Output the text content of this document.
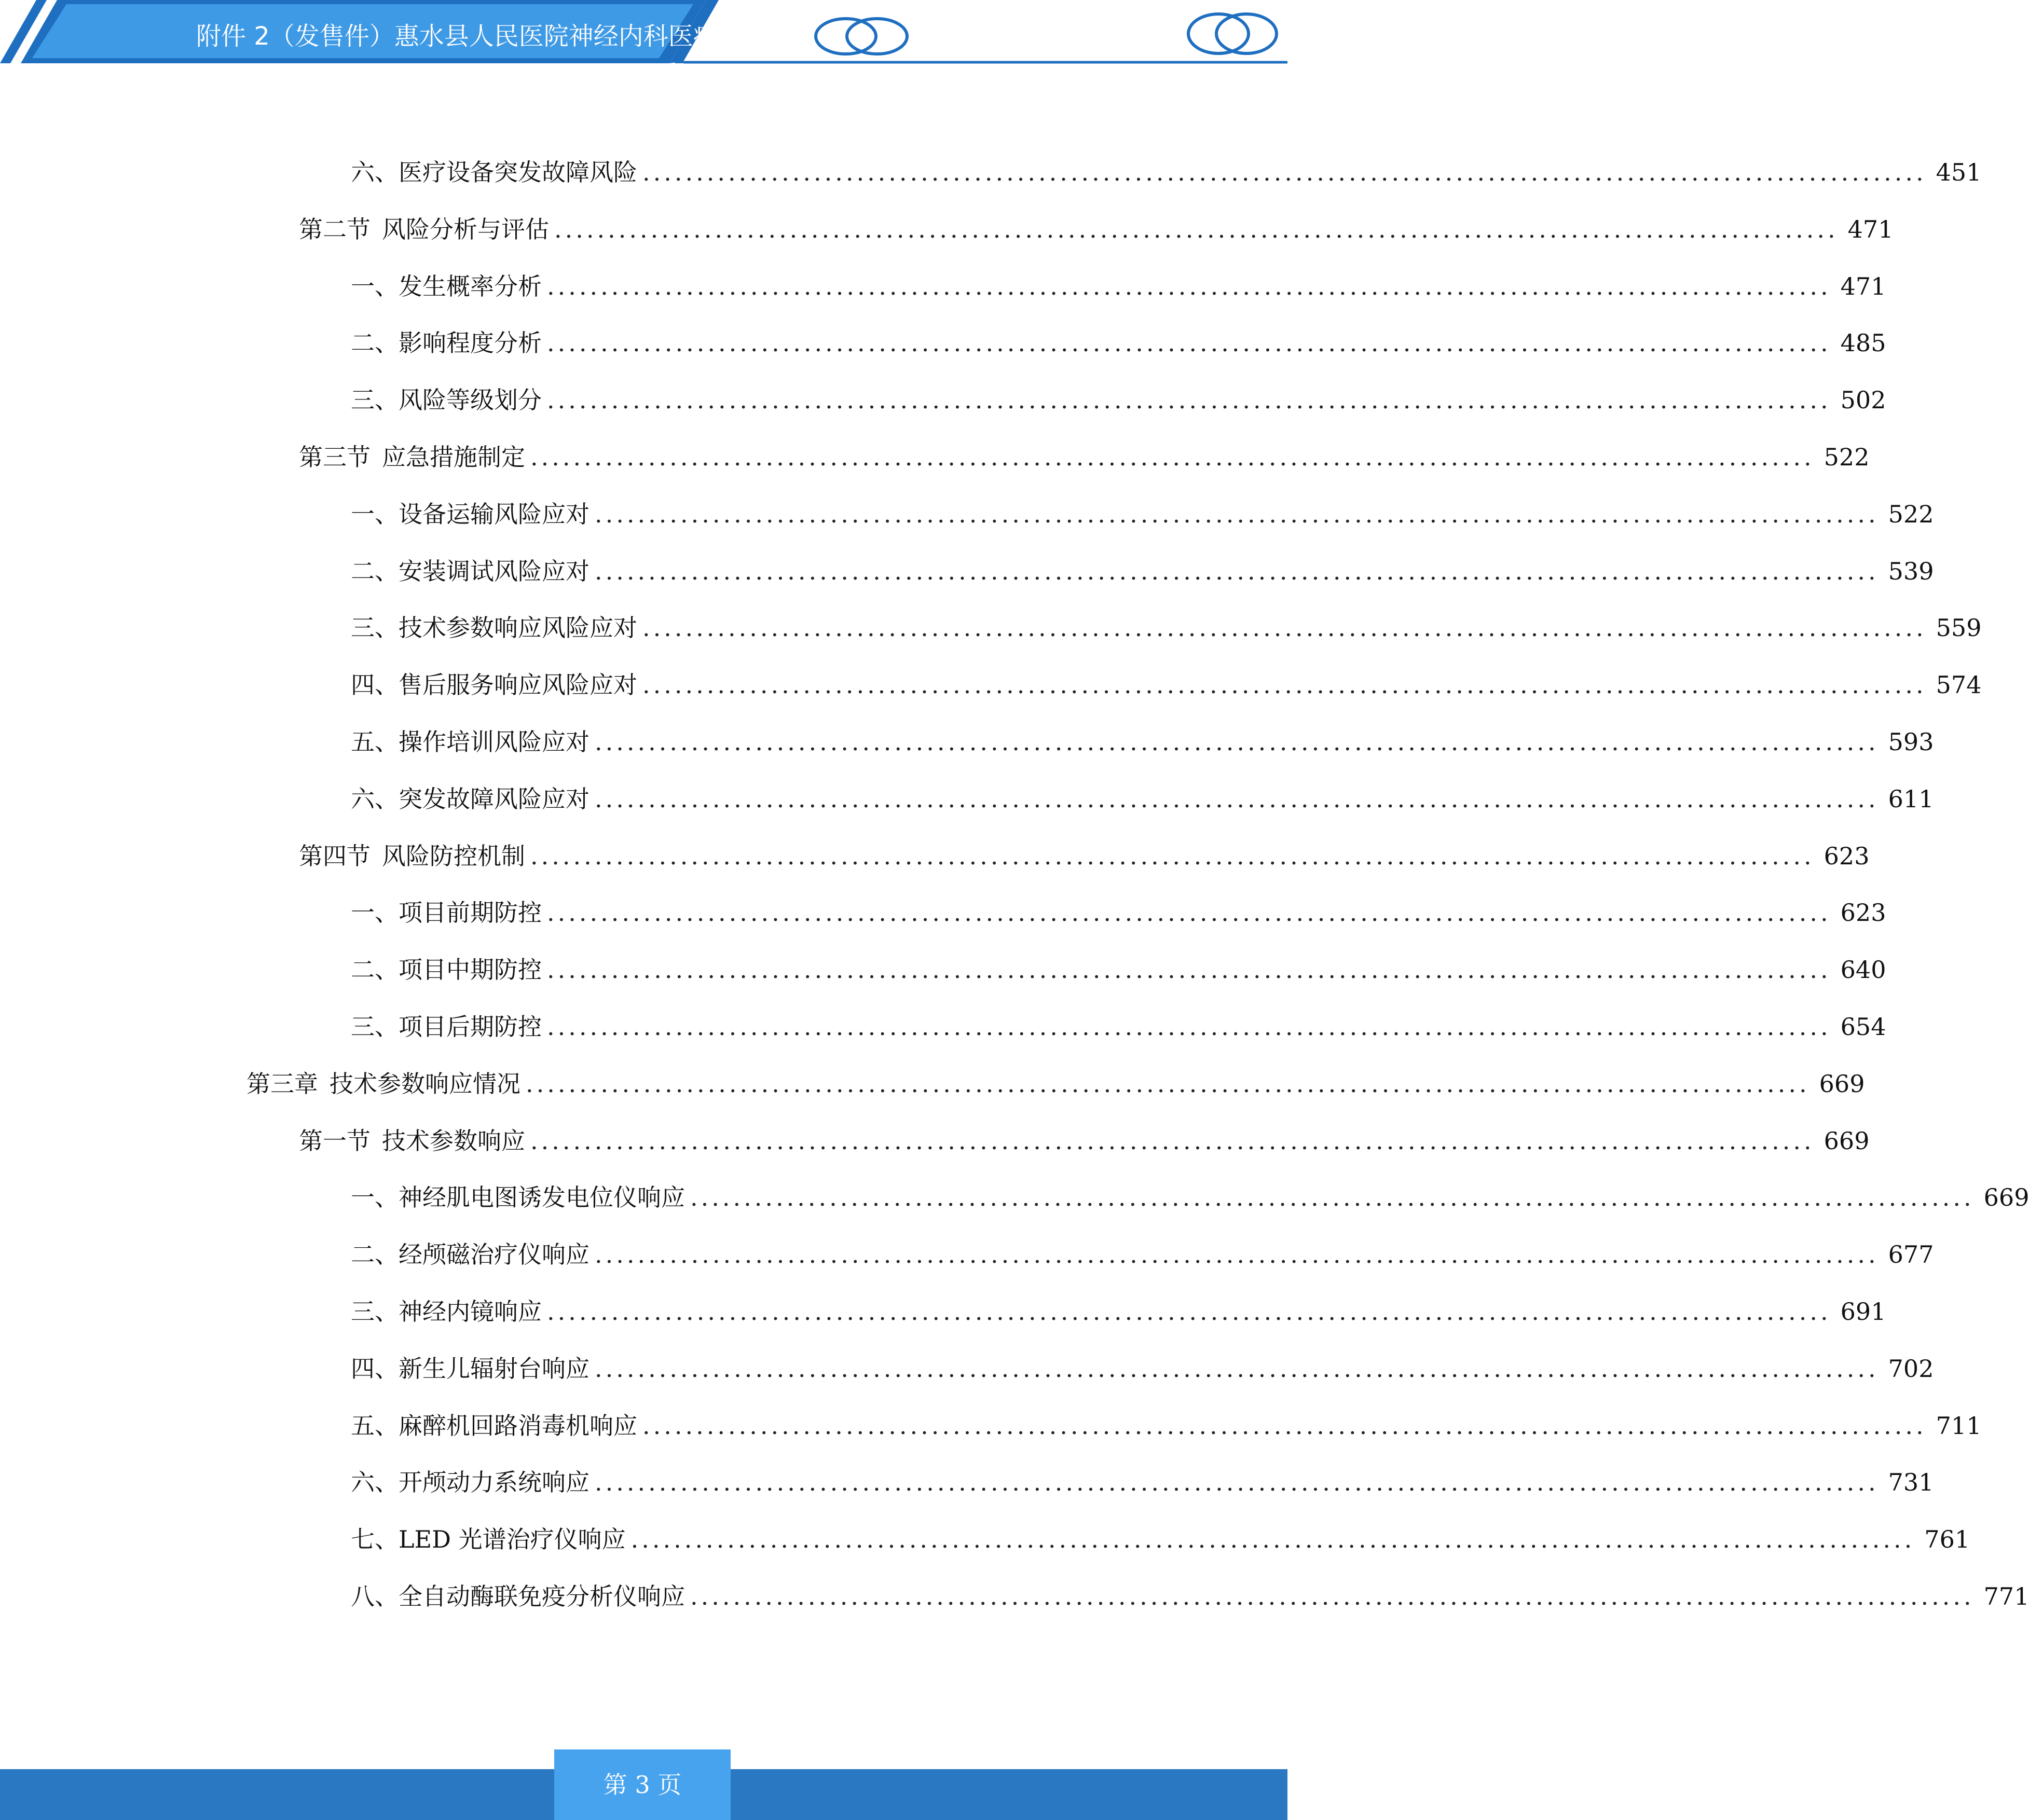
附件 2（发售件）惠水县人民医院神经内科医疗设备采购项目
六、 医疗设备突发故障风险 ........................................................................................................................ 451
第二节 风险分析与评估 ........................................................................................................................ 471
一、 发生概率分析 ........................................................................................................................ 471
二、 影响程度分析 ........................................................................................................................ 485
三、 风险等级划分 ........................................................................................................................ 502
第三节 应急措施制定 ........................................................................................................................ 522
一、 设备运输风险应对 ........................................................................................................................ 522
二、 安装调试风险应对 ........................................................................................................................ 539
三、 技术参数响应风险应对 ........................................................................................................................ 559
四、 售后服务响应风险应对 ........................................................................................................................ 574
五、 操作培训风险应对 ........................................................................................................................ 593
六、 突发故障风险应对 ........................................................................................................................ 611
第四节 风险防控机制 ........................................................................................................................ 623
一、 项目前期防控 ........................................................................................................................ 623
二、 项目中期防控 ........................................................................................................................ 640
三、 项目后期防控 ........................................................................................................................ 654
第三章 技术参数响应情况 ........................................................................................................................ 669
第一节 技术参数响应 ........................................................................................................................ 669
一、 神经肌电图诱发电位仪响应 ........................................................................................................................ 669
二、 经颅磁治疗仪响应 ........................................................................................................................ 677
三、 神经内镜响应 ........................................................................................................................ 691
四、 新生儿辐射台响应 ........................................................................................................................ 702
五、 麻醉机回路消毒机响应 ........................................................................................................................ 711
六、 开颅动力系统响应 ........................................................................................................................ 731
七、 LED 光谱治疗仪响应 ........................................................................................................................ 761
八、 全自动酶联免疫分析仪响应 ........................................................................................................................ 771
第 3 页
